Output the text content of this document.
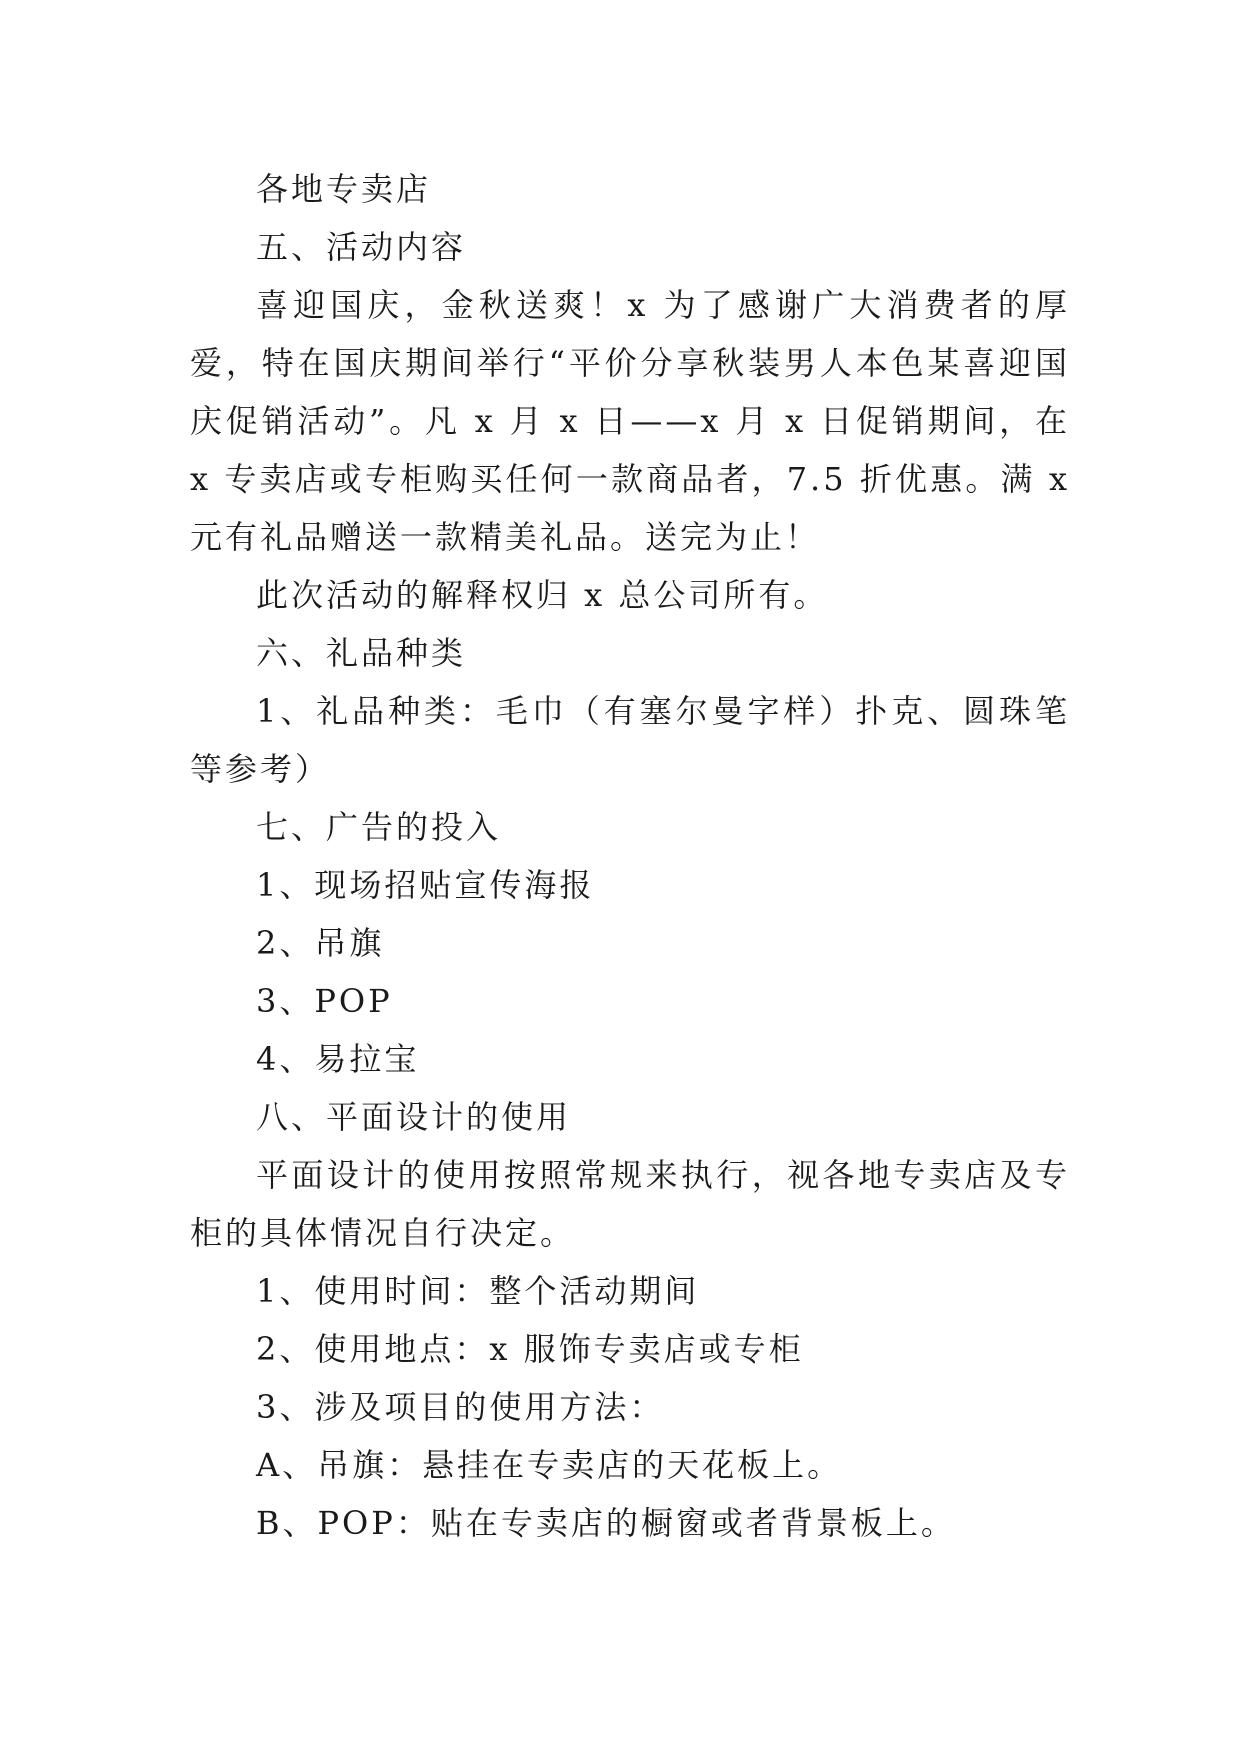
各地专卖店

五、活动内容

喜迎国庆，金秋送爽！x 为了感谢广大消费者的厚爱，特在国庆期间举行“平价分享秋装男人本色某喜迎国庆促销活动”。凡 x 月 x 日——x 月 x 日促销期间，在 x 专卖店或专柜购买任何一款商品者，7.5 折优惠。满 x 元有礼品赠送一款精美礼品。送完为止！

此次活动的解释权归 x 总公司所有。

六、礼品种类

1、礼品种类：毛巾（有塞尔曼字样）扑克、圆珠笔等参考）

七、广告的投入

1、现场招贴宣传海报

2、吊旗

3、POP

4、易拉宝

八、平面设计的使用

平面设计的使用按照常规来执行，视各地专卖店及专柜的具体情况自行决定。

1、使用时间：整个活动期间

2、使用地点：x 服饰专卖店或专柜

3、涉及项目的使用方法：

A、吊旗：悬挂在专卖店的天花板上。

B、POP：贴在专卖店的橱窗或者背景板上。
